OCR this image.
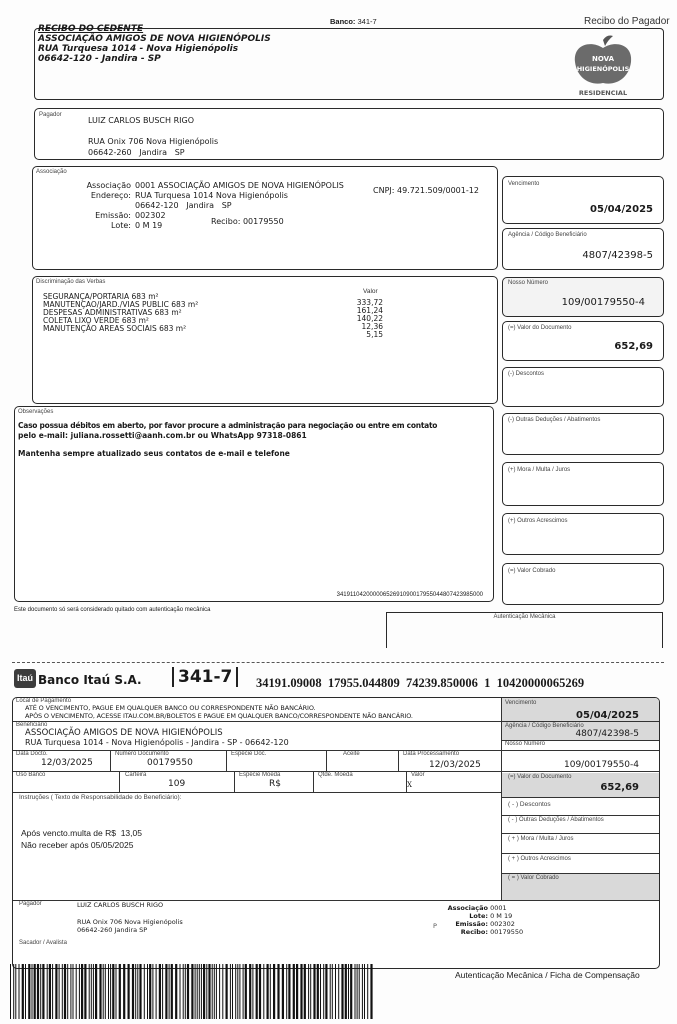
Banco: 341-7	Recibo do Pagador
RECIBO DO CEDENTE
ASSOCIAÇÃO AMIGOS DE NOVA HIGIENÓPOLIS
RUA Turquesa 1014 - Nova Higienópolis
06642-120 - Jandira - SP	NOVA
HIGIENÓPOLIS
RESIDENCIAL
Pagador
LUIZ CARLOS BUSCH RIGO
RUA Onix 706 Nova Higienópolis
06642-260   Jandira   SP
Associação
Associação 0001 ASSOCIAÇÃO AMIGOS DE NOVA HIGIENÓPOLIS
CNPJ: 49.721.509/0001-12
Endereço: RUA Turquesa 1014 Nova Higienópolis
06642-120   Jandira   SP
Emissão: 002302
Recibo: 00179550
Lote: 0 M 19
Discriminação das Verbas
Valor
SEGURANÇA/PORTARIA 683 m²
333,72
MANUTENÇAO/JARD./VIAS PUBLIC 683 m²
161,24
DESPESAS ADMINISTRATIVAS 683 m²
140,22
COLETA LIXO VERDE 683 m²
12,36
MANUTENÇÃO AREAS SOCIAIS 683 m²
5,15
Observações
Caso possua débitos em aberto, por favor procure a administração para negociação ou entre em contato
pelo e-mail: juliana.rossetti@aanh.com.br ou WhatsApp 97318-0861
Mantenha sempre atualizado seus contatos de e-mail e telefone
34191104200000652691090017955044807423985000
Vencimento
05/04/2025
Agência / Código Beneficiário
4807/42398-5
Nosso Número
109/00179550-4
(=) Valor do Documento
652,69
(-) Descontos
(-) Outras Deduções / Abatimentos
(+) Mora / Multa / Juros
(+) Outros Acrescimos
(=) Valor Cobrado
Este documento só será considerado quitado com autenticação mecânica
Autenticação Mecânica
Itaú Banco Itaú S.A.	341-7	34191.09008  17955.044809  74239.850006  1  10420000065269
Local de Pagamento
ATÉ O VENCIMENTO, PAGUE EM QUALQUER BANCO OU CORRESPONDENTE NÃO BANCÁRIO.
APÓS O VENCIMENTO, ACESSE ITAU.COM.BR/BOLETOS E PAGUE EM QUALQUER BANCO/CORRESPONDENTE NÃO BANCÁRIO.
Vencimento
05/04/2025
Beneficiário
ASSOCIAÇÃO AMIGOS DE NOVA HIGIENÓPOLIS
RUA Turquesa 1014 - Nova Higienópolis - Jandira - SP - 06642-120
Agência / Código Beneficiário
4807/42398-5
Data Docto.
12/03/2025
Número Documento
00179550
Espécie Doc.	Aceite	Data Processamento
12/03/2025
Nosso Número
109/00179550-4
Uso Banco	Carteira
109
Espécie Moeda
R$
Qtde. Moeda	Valor
X
(=) Valor do Documento
652,69
Instruções ( Texto de Responsabilidade do Beneficiário):
Após vencto.multa de R$  13,05
Não receber após 05/05/2025
( - ) Descontos
( - ) Outras Deduções / Abatimentos
( + ) Mora / Multa / Juros
( + ) Outros Acrescimos
( = ) Valor Cobrado
Pagador	LUIZ CARLOS BUSCH RIGO
RUA Onix 706 Nova Higienópolis
06642-260 Jandira SP
Sacador / Avalista
P
Associação 0001
Lote: 0 M 19
Emissão: 002302
Recibo: 00179550
Autenticação Mecânica / Ficha de Compensação
